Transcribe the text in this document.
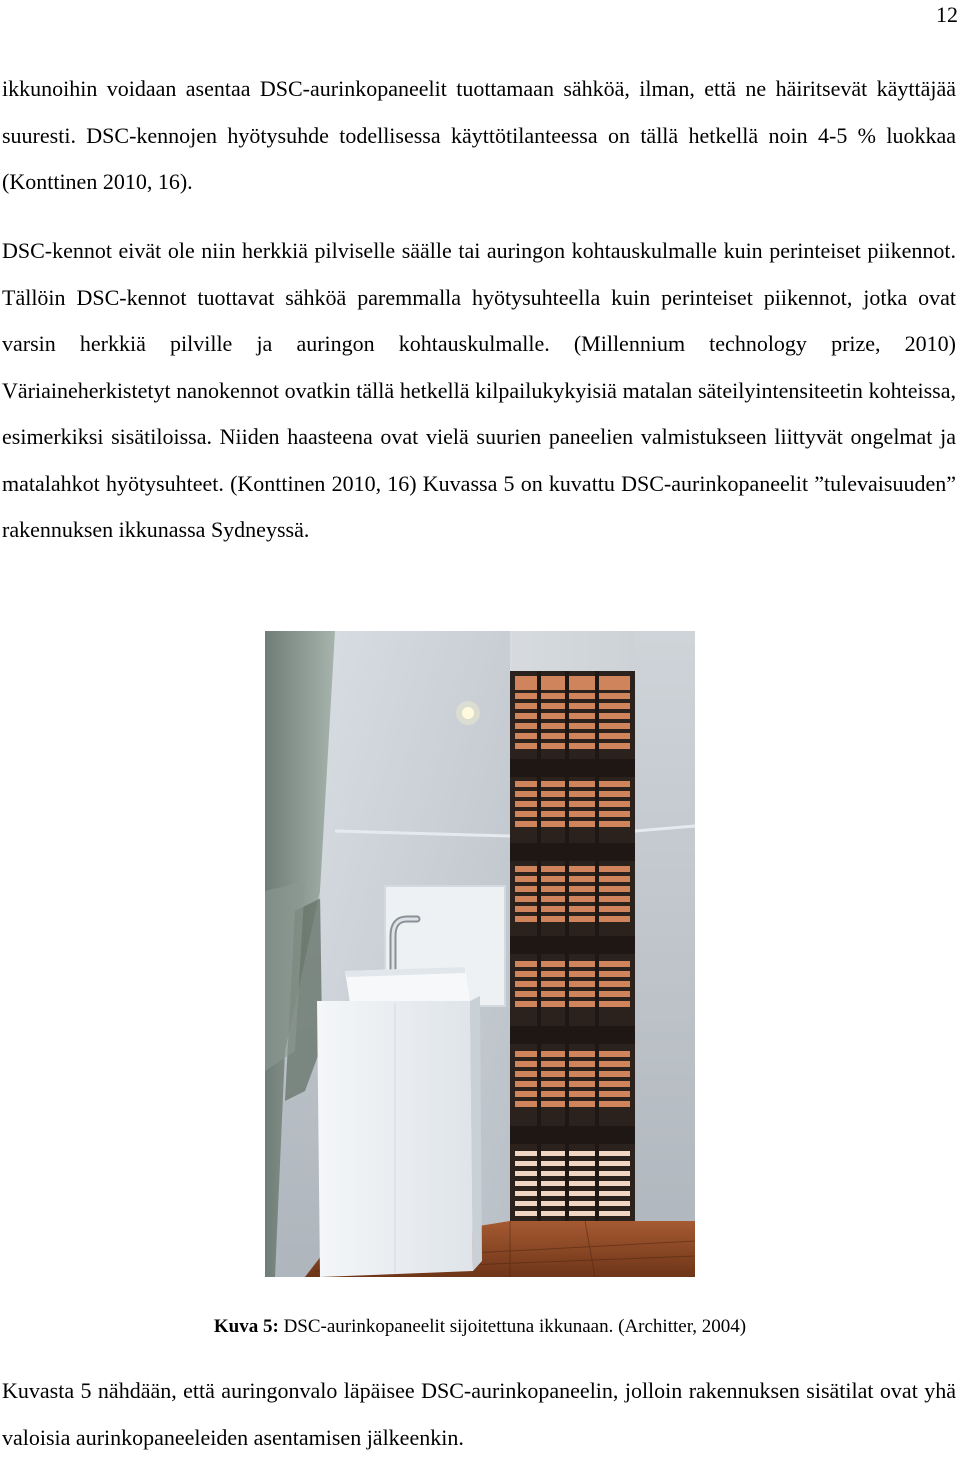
12

ikkunoihin voidaan asentaa DSC-aurinkopaneelit tuottamaan sähköä, ilman, että ne häiritsevät käyttäjää suuresti. DSC-kennojen hyötysuhde todellisessa käyttötilanteessa on tällä hetkellä noin 4-5 % luokkaa (Konttinen 2010, 16).

DSC-kennot eivät ole niin herkkiä pilviselle säälle tai auringon kohtauskulmalle kuin perinteiset piikennot. Tällöin DSC-kennot tuottavat sähköä paremmalla hyötysuhteella kuin perinteiset piikennot, jotka ovat varsin herkkiä pilville ja auringon kohtauskulmalle. (Millennium technology prize, 2010) Väriaineherkistetyt nanokennot ovatkin tällä hetkellä kilpailukykyisiä matalan säteilyintensiteetin kohteissa, esimerkiksi sisätiloissa. Niiden haasteena ovat vielä suurien paneelien valmistukseen liittyvät ongelmat ja matalahkot hyötysuhteet. (Konttinen 2010, 16) Kuvassa 5 on kuvattu DSC-aurinkopaneelit ”tulevaisuuden” rakennuksen ikkunassa Sydneyssä.

Kuva 5: DSC-aurinkopaneelit sijoitettuna ikkunaan. (Architter, 2004)

Kuvasta 5 nähdään, että auringonvalo läpäisee DSC-aurinkopaneelin, jolloin rakennuksen sisätilat ovat yhä valoisia aurinkopaneeleiden asentamisen jälkeenkin.
